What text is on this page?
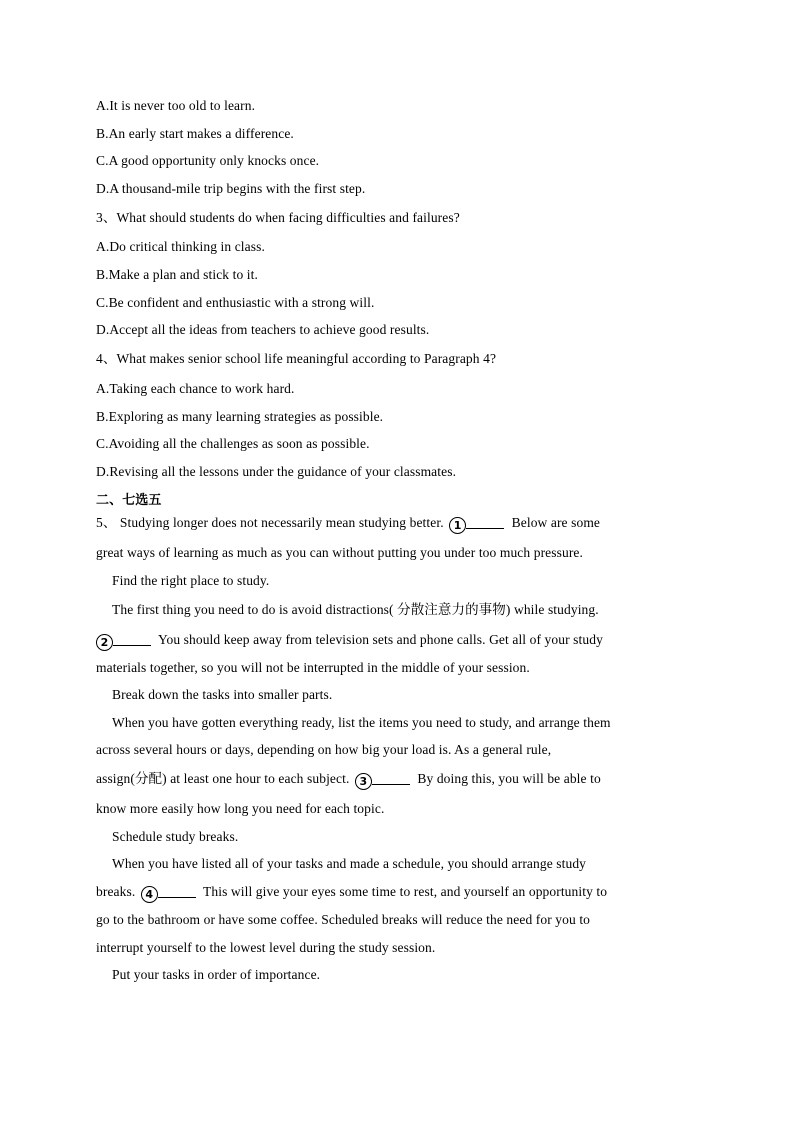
A.It is never too old to learn.
B.An early start makes a difference.
C.A good opportunity only knocks once.
D.A thousand-mile trip begins with the first step.
3、What should students do when facing difficulties and failures?
A.Do critical thinking in class.
B.Make a plan and stick to it.
C.Be confident and enthusiastic with a strong will.
D.Accept all the ideas from teachers to achieve good results.
4、What makes senior school life meaningful according to Paragraph 4?
A.Taking each chance to work hard.
B.Exploring as many learning strategies as possible.
C.Avoiding all the challenges as soon as possible.
D.Revising all the lessons under the guidance of your classmates.
二、七选五
5、 Studying longer does not necessarily mean studying better. 1	Below are some
great ways of learning as much as you can without putting you under too much pressure.
Find the right place to study.
The first thing you need to do is avoid distractions( 分散注意力的事物) while studying.
2	You should keep away from television sets and phone calls. Get all of your study
materials together, so you will not be interrupted in the middle of your session.
Break down the tasks into smaller parts.
When you have gotten everything ready, list the items you need to study, and arrange them
across several hours or days, depending on how big your load is. As a general rule,
assign(分配) at least one hour to each subject. 3	By doing this, you will be able to
know more easily how long you need for each topic.
Schedule study breaks.
When you have listed all of your tasks and made a schedule, you should arrange study
breaks. 4	This will give your eyes some time to rest, and yourself an opportunity to
go to the bathroom or have some coffee. Scheduled breaks will reduce the need for you to
interrupt yourself to the lowest level during the study session.
Put your tasks in order of importance.
